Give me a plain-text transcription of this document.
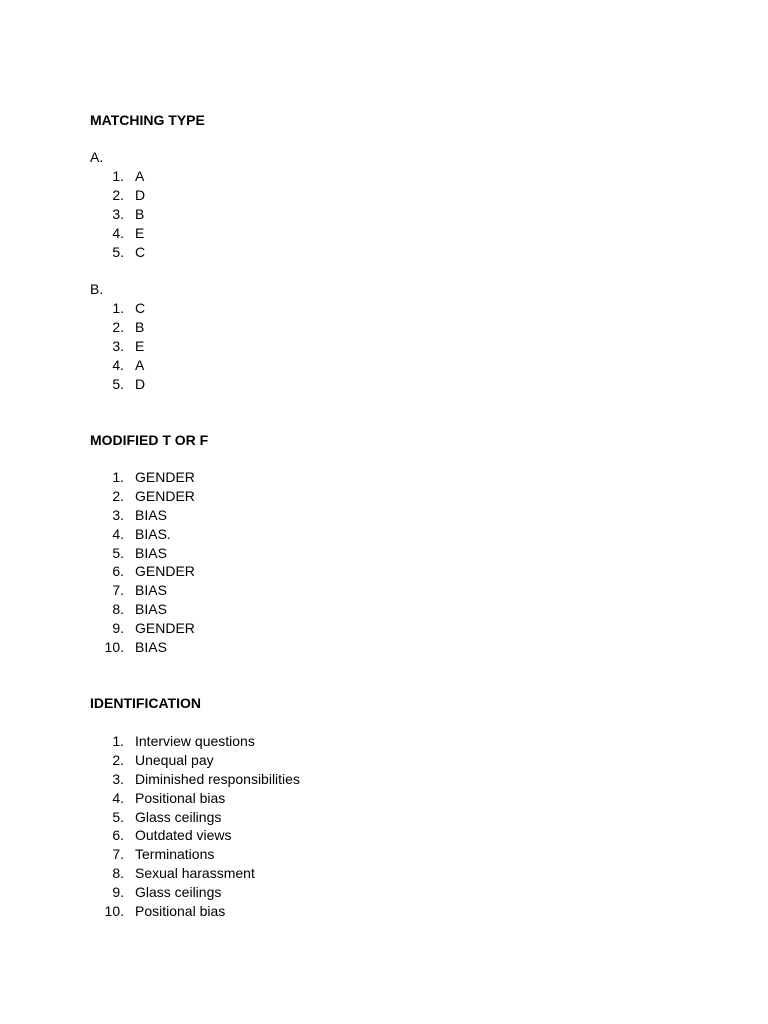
MATCHING TYPE
A.
1. A
2. D
3. B
4. E
5. C
B.
1. C
2. B
3. E
4. A
5. D
MODIFIED T OR F
1. GENDER
2. GENDER
3. BIAS
4. BIAS.
5. BIAS
6. GENDER
7. BIAS
8. BIAS
9. GENDER
10. BIAS
IDENTIFICATION
1. Interview questions
2. Unequal pay
3. Diminished responsibilities
4. Positional bias
5. Glass ceilings
6. Outdated views
7. Terminations
8. Sexual harassment
9. Glass ceilings
10. Positional bias
